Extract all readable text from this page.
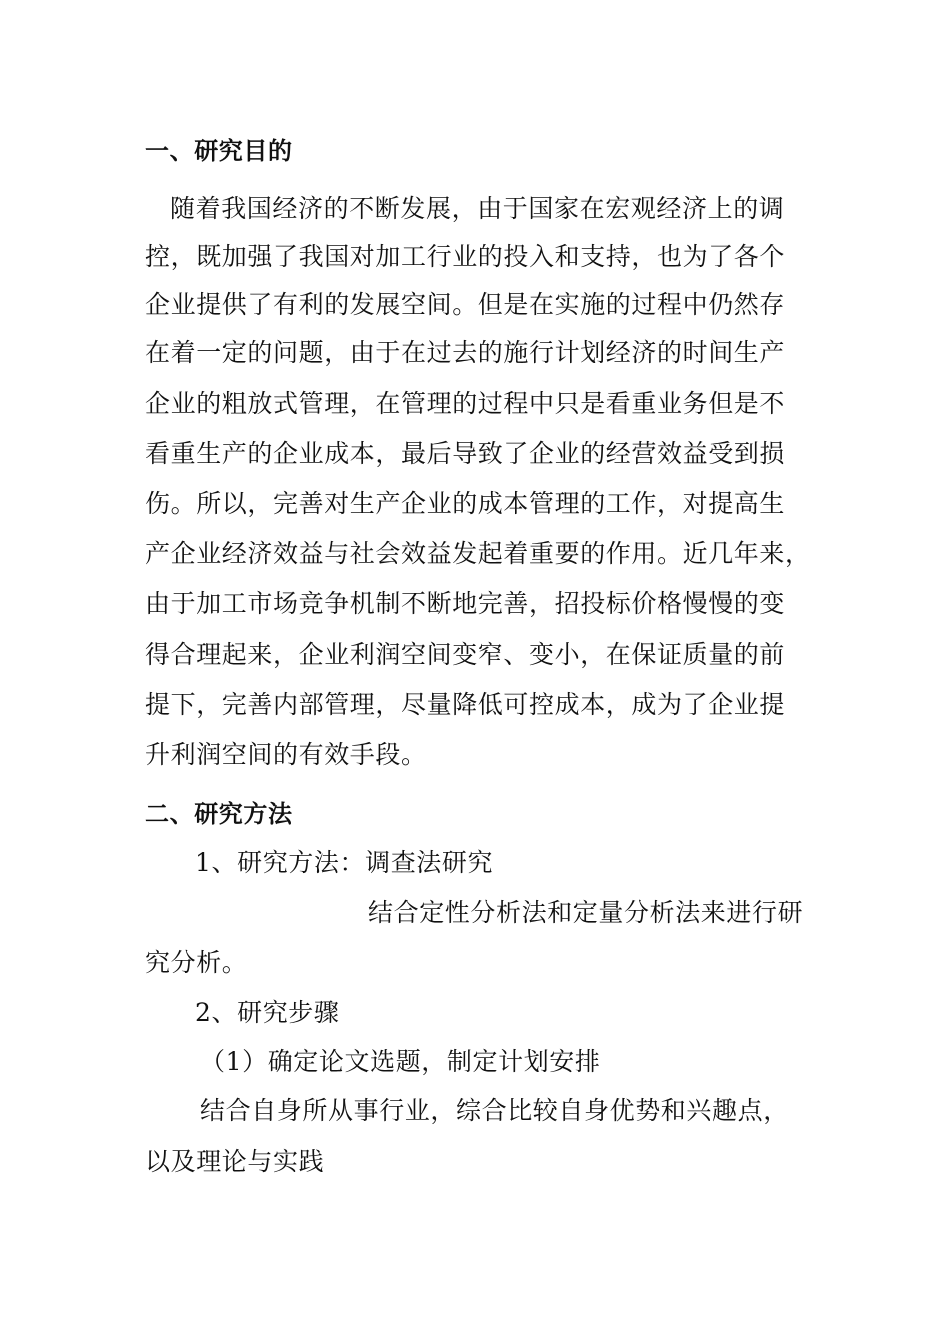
一、研究目的
随着我国经济的不断发展，由于国家在宏观经济上的调
控，既加强了我国对加工行业的投入和支持，也为了各个
企业提供了有利的发展空间。但是在实施的过程中仍然存
在着一定的问题，由于在过去的施行计划经济的时间生产
企业的粗放式管理，在管理的过程中只是看重业务但是不
看重生产的企业成本，最后导致了企业的经营效益受到损
伤。所以，完善对生产企业的成本管理的工作，对提高生
产企业经济效益与社会效益发起着重要的作用。近几年来，
由于加工市场竞争机制不断地完善，招投标价格慢慢的变
得合理起来，企业利润空间变窄、变小，在保证质量的前
提下，完善内部管理，尽量降低可控成本，成为了企业提
升利润空间的有效手段。
二、研究方法
1、研究方法：调查法研究
结合定性分析法和定量分析法来进行研
究分析。
2、研究步骤
（1）确定论文选题，制定计划安排
结合自身所从事行业，综合比较自身优势和兴趣点，
以及理论与实践
